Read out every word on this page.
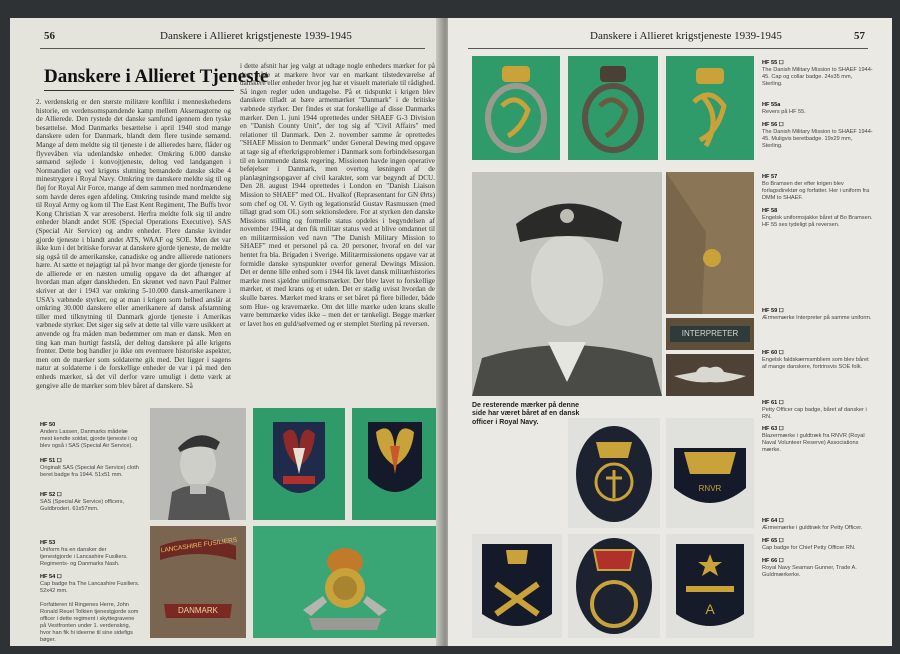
56	Danskere i Allieret krigstjeneste 1939-1945
Danskere i Allieret Tjeneste
2. verdenskrig er den største militære konflikt i menneskehedens historie, en verdensomspændende kamp mellem Aksemagterne og de Allierede. Den rystede det danske samfund igennem den tyske besættelse. Mod Danmarks besættelse i april 1940 stod mange danskere uden for Danmark, blandt dem flere tusinde sømænd. Mange af dem meldte sig til tjeneste i de allieredes hære, flåder og flyvevåben via udenlandske enheder. Omkring 6.000 danske sømænd sejlede i konvojtjeneste, deltog ved landgangen i Normandiet og ved krigens slutning bemandede danske skibe 4 minestrygere i Royal Navy. Omkring tre danskere meldte sig til og fløj for Royal Air Force, mange af dem sammen med nordmændene som havde deres egen afdeling. Omkring tusinde mand meldte sig til Royal Army og kom til The East Kent Regiment, The Buffs hvor Kong Christian X var æresoberst. Herfra meldte folk sig til andre enheder blandt andet SOE (Special Operations Executive). SAS (Special Air Service) og andre enheder. Flere danske kvinder gjorde tjeneste i blandt andet ATS, WAAF og SOE. Men det var ikke kun i det britiske forsvar at danskere gjorde tjeneste, de meldte sig også til de amerikanske, canadiske og andre allierede nationers hære. At sætte et nøjagtigt tal på hvor mange der gjorde tjeneste for de allierede er en næsten umulig opgave da det afhænger af hvordan man afgør danskheden. En skrønet ved navn Paul Palmer skriver at der i 1943 var omkring 5-10.000 dansk-amerikanere i USA's væbnede styrker, og at man i krigen som helhed anslår at omkring 30.000 danskere eller amerikanere af dansk afstamning tiller med tilknytning til Danmark gjorde tjeneste i Amerikas væbnede styrker. Det siger sig selv at dette tal ville være usikkert at anvende og fra måden man bedømmer om man er dansk. Men en ting kan man hurtigt fastslå, der deltog danskere på alle krigens fronter. Dette bog handler jo ikke om eventuere historiske aspekter, men om de mærker som soldaterne gik med. Det ligger i sagens natur at soldaterne i de forskellige enheder de var i på med den enheds mærker, så det vil derfor være umuligt i dette værk at gengive alle de mærker som blev båret af danskere. Så
i dette afsnit har jeg valgt at udtage nogle enheders mærker for på den måde at markere hvor var en markant tilstedeværelse af danskere eller enheder hvor jeg har et visuelt materiale til rådighed. Så ingen regler uden undtagelse. På et tidspunkt i krigen blev danskere tilladt at bære armemærket "Danmark" i de britiske væbnede styrker. Der findes et stat forskellige af disse Danmarks mærker. Den 1. juni 1944 oprettedes under SHAEF G-3 Division en "Danish County Unit", der tog sig af "Civil Affairs" med relationer til Danmark. Den 2. november samme år oprettedes "SHAEF Mission to Denmark" under General Dewing med opgave at tage sig af efterkrigsproblemer i Danmark som forbindelsesorgan til en kommende dansk regering. Missionen havde ingen operative beføjelser i Danmark, men overtog løsningen af de planlægningsopgaver af civil karakter, som var begyndt af DCU. Den 28. august 1944 oprettedes i London en "Danish Liaison Mission to SHAEF" med OL. Hvalkof (Repræsentant for GN Ørts) som chef og OL V. Gyth og legationsråd Gustav Rasmussen (med tillagt grad som OL) som sektionsledere. For at styrken den danske Missions stilling og formelle status opdeles i begyndelsen af november 1944, at den fik militær status ved at blive omdannet til en militærmission ved navn "The Danish Military Mission to SHAEF" med et personel på ca. 20 personer, hvoraf en del var hentet fra bla. Brigaden i Sverige. Militærmissionens opgave var at formidle danske synspunkter overfor general Dewings Mission. Det er denne lille enhed som i 1944 fik lavet dansk militærhistories mærke mest sjældne uniformsmærker. Der blev lavet to forskellige mærker, et med krans og et uden. Det er stadig uvisst hvordan de skulle bæres. Mærket med krans er set båret på flere billeder, både som Hue- og kravemærke. Om det lille mærke uden krans skulle være bemmærke vides ikke – men det er tænkeligt. Begge mærker er lavet hos en guld/sølvemed og er stemplet Sterling på reversen.
HF 50
Anders Lassen, Danmarks mådelæ mest kendte soldat, gjorde tjeneste i og blev også i SAS (Special Air Service).
HF 51 ☐
Originalt SAS (Special Air Service) cloth beret badge fra 1944. 51x51 mm.
HF 52 ☐
SAS (Special Air Service) officers, Guldbroderi. 61x57mm.
HF 53
Uniform fra en dansker der tjenestgjorde i Lancashire Fusiliers. Regiments- og Danmarks Nash.
HF 54 ☐
Cap badge fra The Lancashire Fusiliers. 52x42 mm.
Forfatteren til Ringenes Herre, John Ronald Reuel Tolkien tjenestgjorde som officer i dette regiment i skyttegravene på Vestfronten under 1. verdenskrig, hvor han fik hi ideerne til sine sidefigs bøger.
LANCASHIRE FUSILIERS
DANMARK
Danskere i Allieret krigstjeneste 1939-1945	57
De resterende mærker på denne side har været båret af en dansk officer i Royal Navy.
INTERPRETER
RNVR
A
HF 55 ☐
The Danish Military Mission to SHAEF 1944-45. Cap og collar badge. 24x35 mm, Sterling.
HF 55a
Revers på HF 55.
HF 56 ☐
The Danish Military Mission to SHAEF 1944-45. Muligvis beretbadge. 19x29 mm, Sterling.
HF 57
Bo Bramsen der efter krigen blev forlagsdirektør og forfatter. Her i uniform fra DMM to SHAEF.
HF 58
Engelsk uniformsjakke båret af Bo Bramsen. HF 55 ses tydeligt på reversen.
HF 59 ☐
Ærmemærke Interpreter på samme uniform.
HF 60 ☐
Engelsk faldskærmsmbliem som blev båret af mange danskere, fortrinsvis SOE folk.
HF 61 ☐
Petty Officer cap badge, båret af dansker i RN.
HF 63 ☐
Blazermærke i guldtræk fra RNVR (Royal Naval Volunteer Reserve) Associations mærke.
HF 64 ☐
Ærmemærke i guldtræk for Petty Officer.
HF 65 ☐
Cap badge for Chief Petty Officer RN.
HF 66 ☐
Royal Navy Seaman Gunner, Trade A. Guldmærkerke.
